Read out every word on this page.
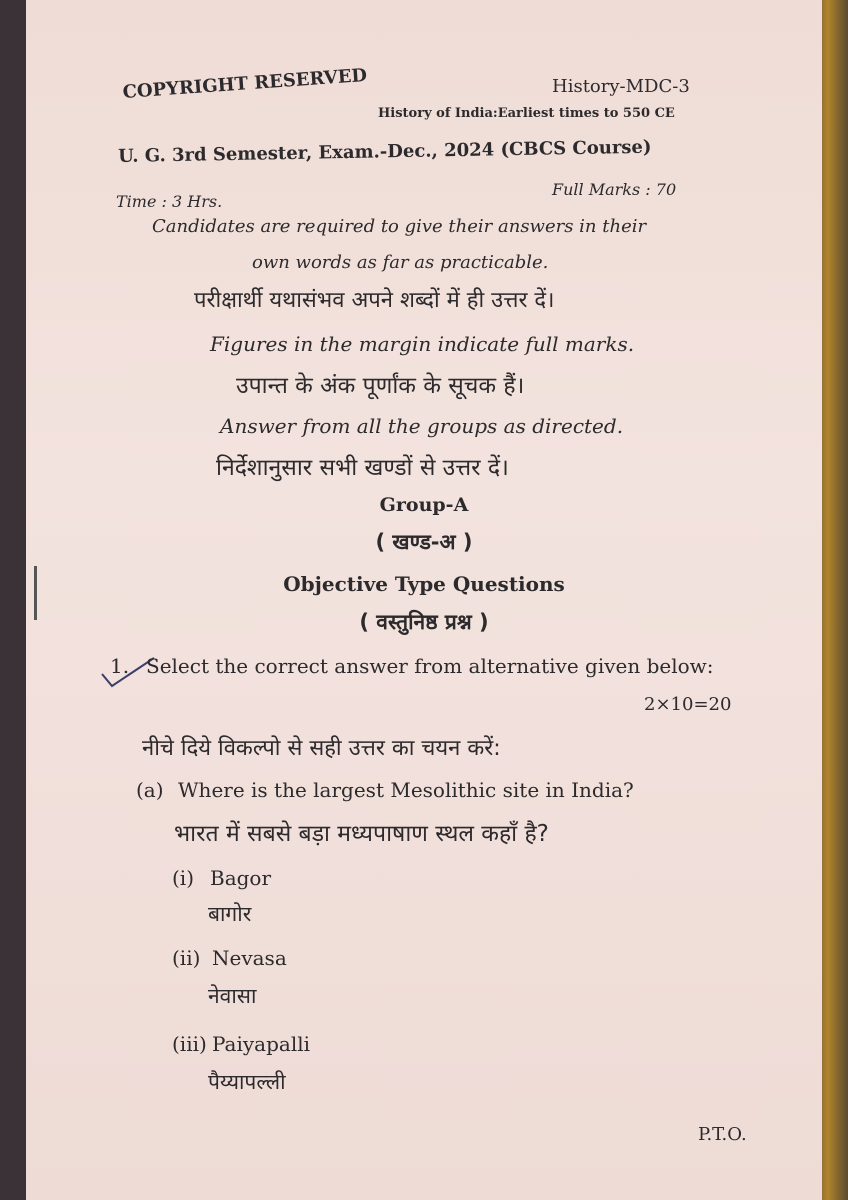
COPYRIGHT RESERVED	History-MDC-3
History of India:Earliest times to 550 CE
U. G. 3rd Semester, Exam.-Dec., 2024 (CBCS Course)
Time : 3 Hrs.
Full Marks : 70
Candidates are required to give their answers in their
own words as far as practicable.
परीक्षार्थी यथासंभव अपने शब्दों में ही उत्तर दें।
Figures in the margin indicate full marks.
उपान्त के अंक पूर्णांक के सूचक हैं।
Answer from all the groups as directed.
निर्देशानुसार सभी खण्डों से उत्तर दें।
Group-A
( खण्ड-अ )
Objective Type Questions
( वस्तुनिष्ठ प्रश्न )
1. Select the correct answer from alternative given below:
2×10=20
नीचे दिये विकल्पो से सही उत्तर का चयन करें:
(a) Where is the largest Mesolithic site in India?
भारत में सबसे बड़ा मध्यपाषाण स्थल कहाँ है?
(i) Bagor
बागोर
(ii) Nevasa
नेवासा
(iii) Paiyapalli
पैय्यापल्ली
P.T.O.
